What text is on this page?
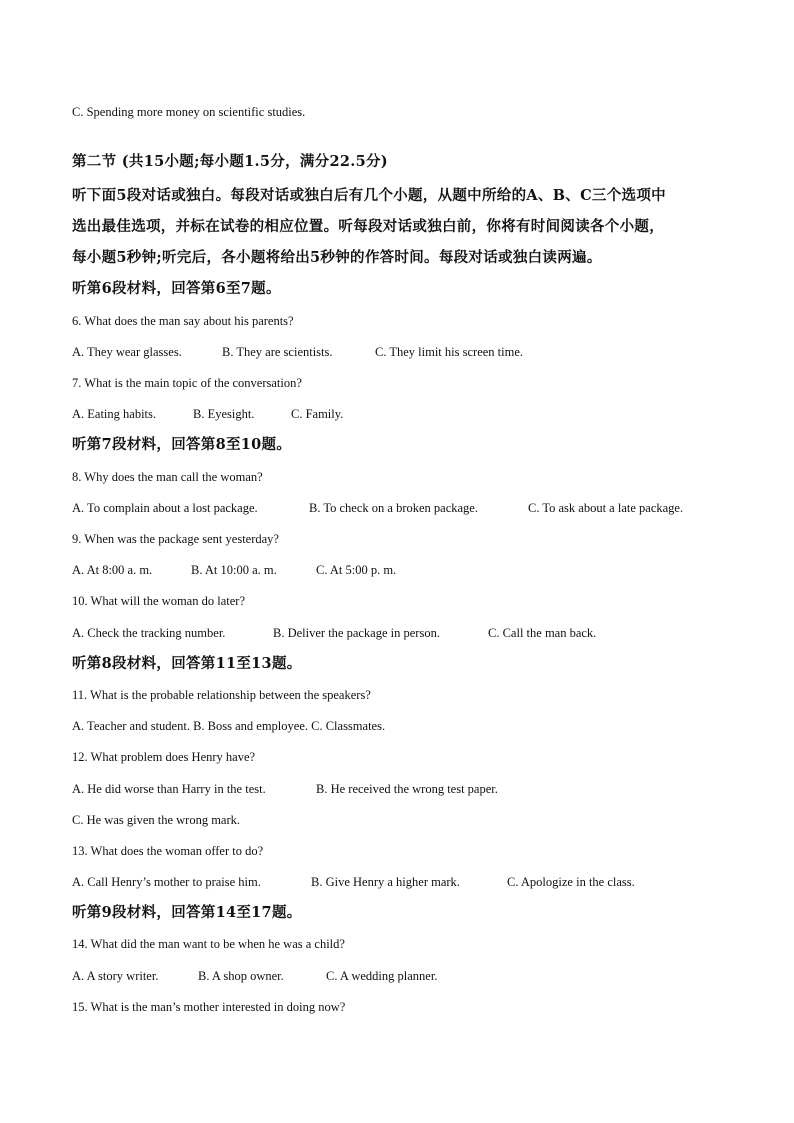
C. Spending more money on scientific studies.
第二节 (共15小题;每小题1.5分，满分22.5分)
听下面5段对话或独白。每段对话或独白后有几个小题，从题中所给的A、B、C三个选项中
选出最佳选项，并标在试卷的相应位置。听每段对话或独白前，你将有时间阅读各个小题，
每小题5秒钟;听完后，各小题将给出5秒钟的作答时间。每段对话或独白读两遍。
听第6段材料，回答第6至7题。
6. What does the man say about his parents?
A. They wear glasses.	B. They are scientists.	C. They limit his screen time.
7. What is the main topic of the conversation?
A. Eating habits.	B. Eyesight.	C. Family.
听第7段材料，回答第8至10题。
8. Why does the man call the woman?
A. To complain about a lost package.	B. To check on a broken package.	C. To ask about a late package.
9. When was the package sent yesterday?
A. At 8:00 a. m.	B. At 10:00 a. m.	C. At 5:00 p. m.
10. What will the woman do later?
A. Check the tracking number.	B. Deliver the package in person.	C. Call the man back.
听第8段材料，回答第11至13题。
11. What is the probable relationship between the speakers?
A. Teacher and student. B. Boss and employee. C. Classmates.
12. What problem does Henry have?
A. He did worse than Harry in the test.	B. He received the wrong test paper.
C. He was given the wrong mark.
13. What does the woman offer to do?
A. Call Henry’s mother to praise him.	B. Give Henry a higher mark.	C. Apologize in the class.
听第9段材料，回答第14至17题。
14. What did the man want to be when he was a child?
A. A story writer.	B. A shop owner.	C. A wedding planner.
15. What is the man’s mother interested in doing now?
